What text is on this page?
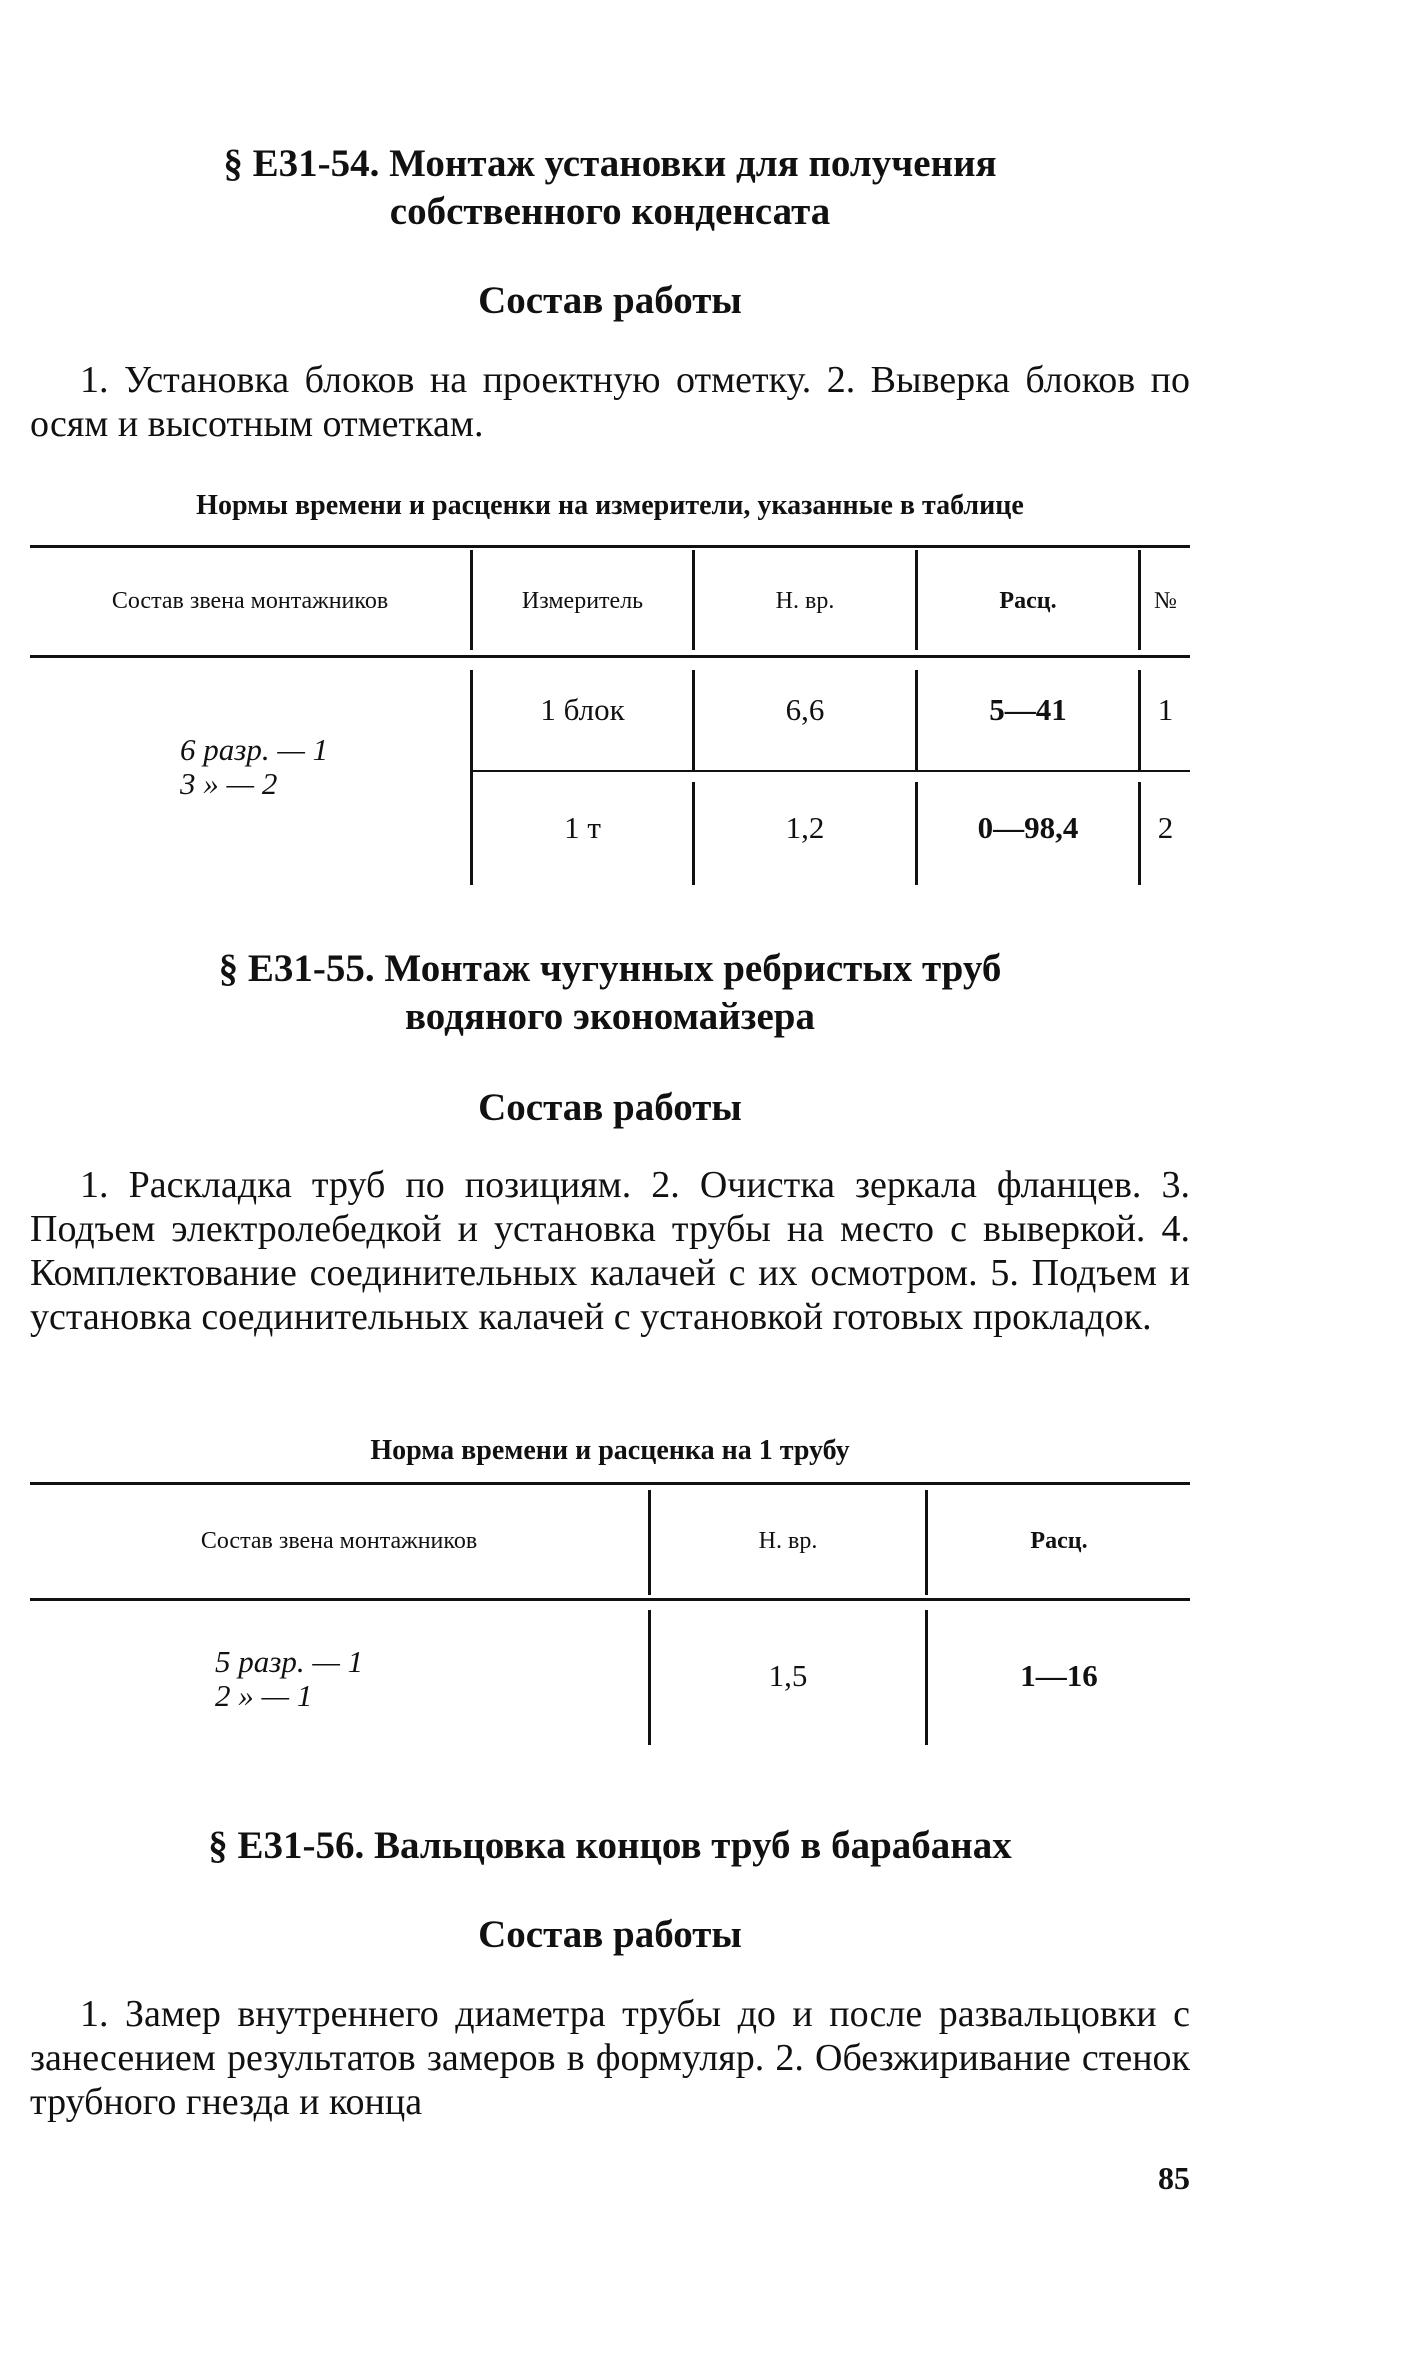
§ Е31-54. Монтаж установки для получения
собственного конденсата
Состав работы
1. Установка блоков на проектную отметку. 2. Выверка блоков по осям и высотным отметкам.
Нормы времени и расценки на измерители, указанные в таблице
Состав звена монтажников	Измеритель	Н. вр.	Расц.	№
6 разр. — 1
3 » — 2
1 блок	6,6	5—41	1
1 т	1,2	0—98,4	2
§ Е31-55. Монтаж чугунных ребристых труб
водяного экономайзера
Состав работы
1. Раскладка труб по позициям. 2. Очистка зеркала фланцев. 3. Подъем электролебедкой и установка трубы на место с выверкой. 4. Комплектование соединительных калачей с их осмотром. 5. Подъем и установка соединительных калачей с установкой готовых прокладок.
Норма времени и расценка на 1 трубу
Состав звена монтажников	Н. вр.	Расц.
5 разр. — 1
2 » — 1
1,5	1—16
§ Е31-56. Вальцовка концов труб в барабанах
Состав работы
1. Замер внутреннего диаметра трубы до и после развальцовки с занесением результатов замеров в формуляр. 2. Обезжиривание стенок трубного гнезда и конца
85
